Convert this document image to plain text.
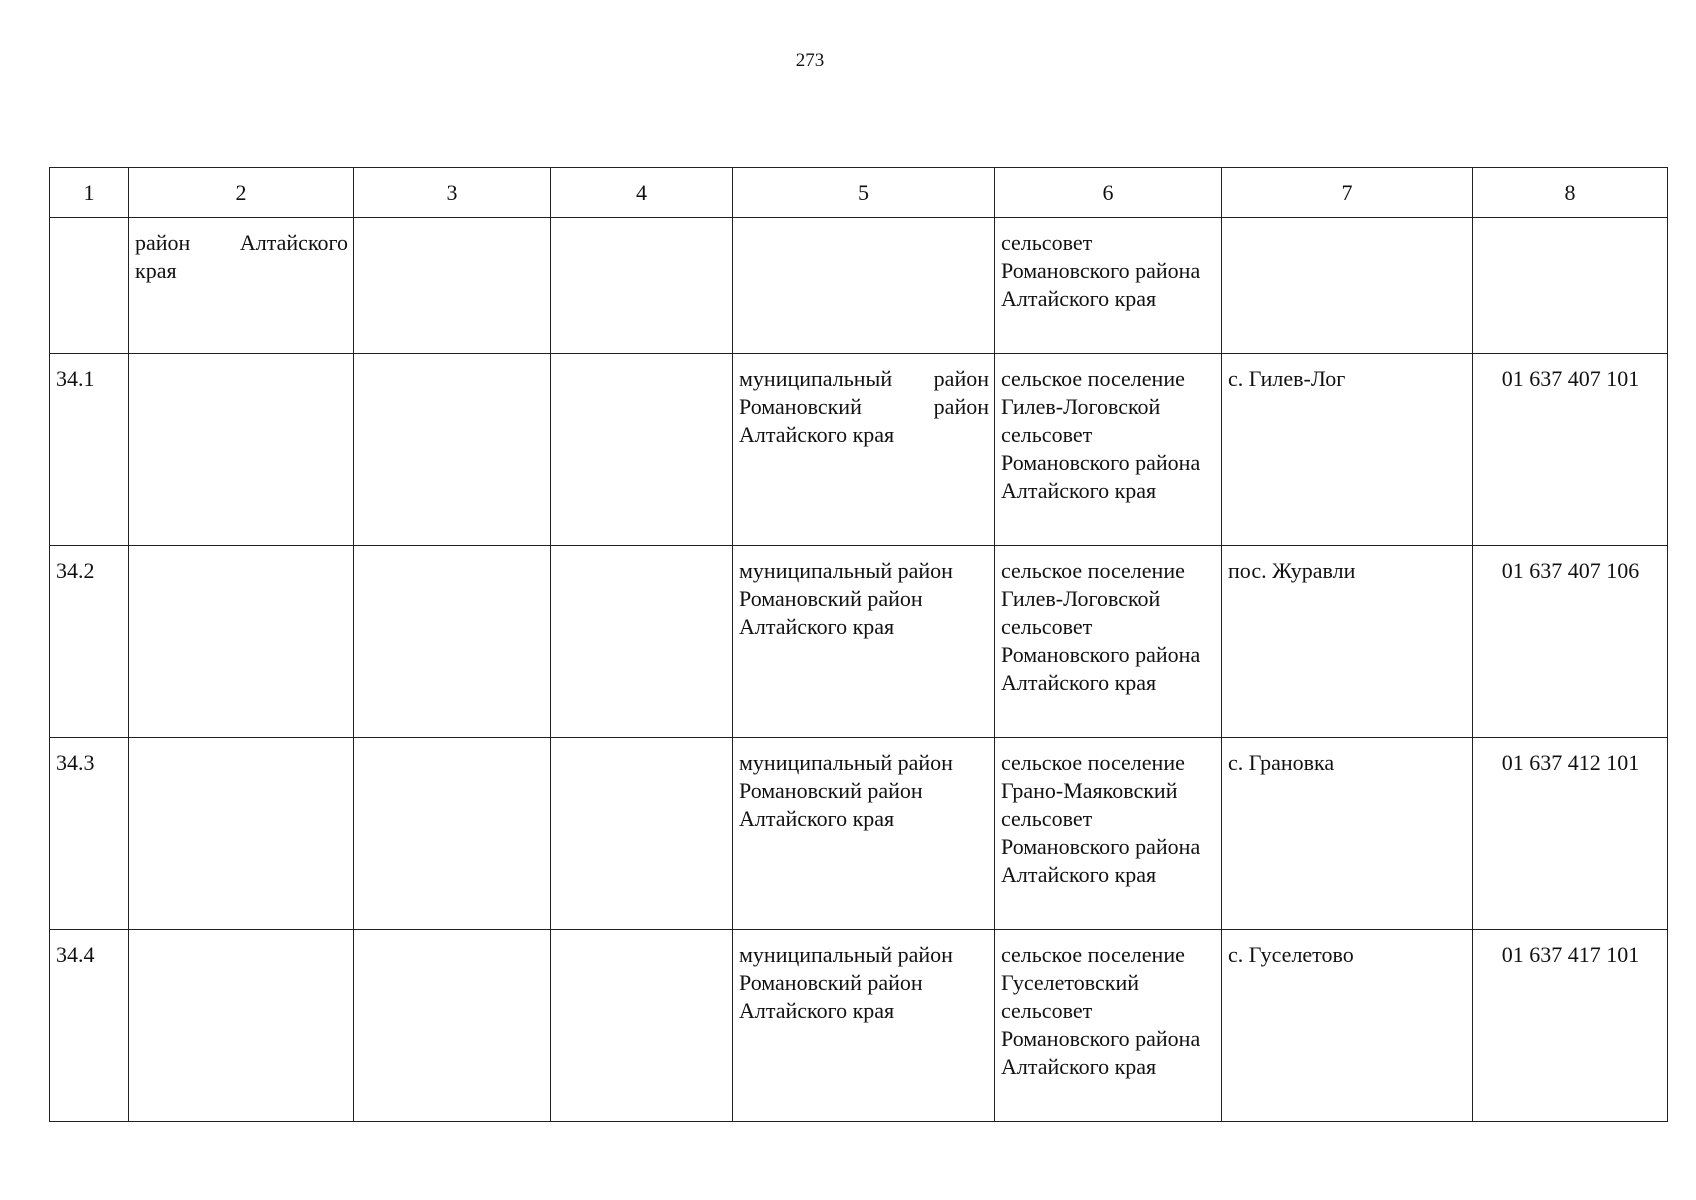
273
1	2	3	4	5	6	7	8
	район Алтайского края				сельсовет Романовского района Алтайского края		
34.1				муниципальный район Романовский район Алтайского края	сельское поселение Гилев-Логовской сельсовет Романовского района Алтайского края	с. Гилев-Лог	01 637 407 101
34.2				муниципальный район Романовский район Алтайского края	сельское поселение Гилев-Логовской сельсовет Романовского района Алтайского края	пос. Журавли	01 637 407 106
34.3				муниципальный район Романовский район Алтайского края	сельское поселение Грано-Маяковский сельсовет Романовского района Алтайского края	с. Грановка	01 637 412 101
34.4				муниципальный район Романовский район Алтайского края	сельское поселение Гуселетовский сельсовет Романовского района Алтайского края	с. Гуселетово	01 637 417 101
